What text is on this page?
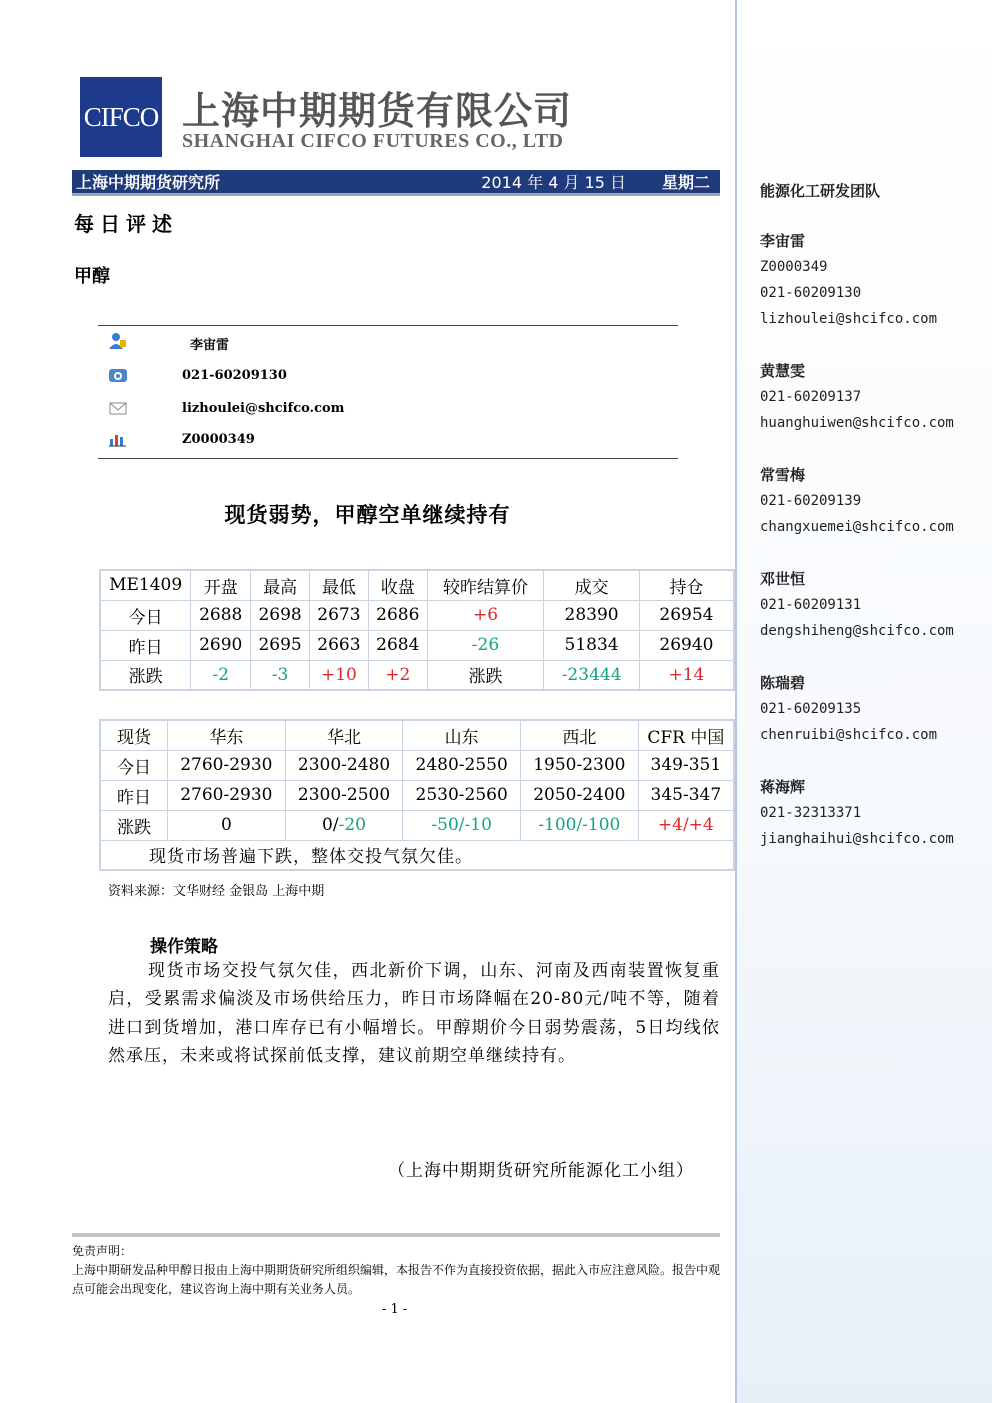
CIFCO 上海中期期货有限公司
SHANGHAI CIFCO FUTURES CO., LTD
上海中期期货研究所	2014 年 4 月 15 日 星期二
每日评述
甲醇
李宙雷
021-60209130
lizhoulei@shcifco.com
Z0000349
现货弱势，甲醇空单继续持有
ME1409	开盘	最高	最低	收盘	较昨结算价	成交	持仓
今日	2688	2698	2673	2686	+6	28390	26954
昨日	2690	2695	2663	2684	-26	51834	26940
涨跌	-2	-3	+10	+2	涨跌	-23444	+14
现货	华东	华北	山东	西北	CFR 中国
今日	2760-2930	2300-2480	2480-2550	1950-2300	349-351
昨日	2760-2930	2300-2500	2530-2560	2050-2400	345-347
涨跌	0	0/-20	-50/-10	-100/-100	+4/+4
现货市场普遍下跌，整体交投气氛欠佳。					
资料来源：文华财经 金银岛 上海中期
操作策略
现货市场交投气氛欠佳，西北新价下调，山东、河南及西南装置恢复重启，受累需求偏淡及市场供给压力，昨日市场降幅在20-80元/吨不等，随着进口到货增加，港口库存已有小幅增长。甲醇期价今日弱势震荡，5日均线依然承压，未来或将试探前低支撑，建议前期空单继续持有。
（上海中期期货研究所能源化工小组）
免责声明：
上海中期研发品种甲醇日报由上海中期期货研究所组织编辑，本报告不作为直接投资依据，据此入市应注意风险。报告中观点可能会出现变化，建议咨询上海中期有关业务人员。
- 1 -
能源化工研发团队
李宙雷
Z0000349
021-60209130
lizhoulei@shcifco.com
黄慧雯
021-60209137
huanghuiwen@shcifco.com
常雪梅
021-60209139
changxuemei@shcifco.com
邓世恒
021-60209131
dengshiheng@shcifco.com
陈瑞碧
021-60209135
chenruibi@shcifco.com
蒋海辉
021-32313371
jianghaihui@shcifco.com
